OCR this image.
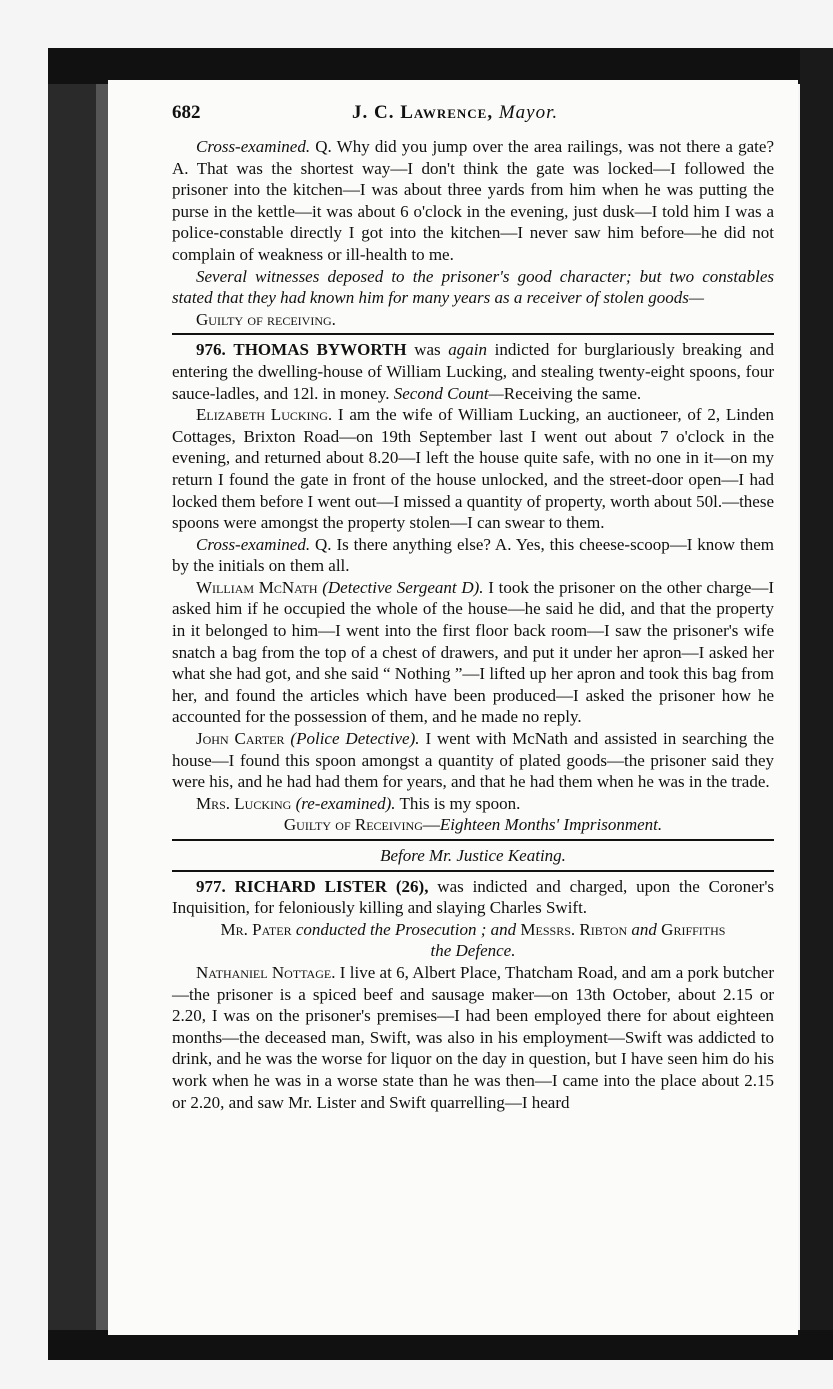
682	J. C. Lawrence, Mayor.

Cross-examined. Q. Why did you jump over the area railings, was not there a gate? A. That was the shortest way—I don't think the gate was locked—I followed the prisoner into the kitchen—I was about three yards from him when he was putting the purse in the kettle—it was about 6 o'clock in the evening, just dusk—I told him I was a police-constable directly I got into the kitchen—I never saw him before—he did not complain of weakness or ill-health to me.

Several witnesses deposed to the prisoner's good character; but two constables stated that they had known him for many years as a receiver of stolen goods—

Guilty of receiving.

976. THOMAS BYWORTH was again indicted for burglariously breaking and entering the dwelling-house of William Lucking, and stealing twenty-eight spoons, four sauce-ladles, and 12l. in money. Second Count—Receiving the same.

Elizabeth Lucking. I am the wife of William Lucking, an auctioneer, of 2, Linden Cottages, Brixton Road—on 19th September last I went out about 7 o'clock in the evening, and returned about 8.20—I left the house quite safe, with no one in it—on my return I found the gate in front of the house unlocked, and the street-door open—I had locked them before I went out—I missed a quantity of property, worth about 50l.—these spoons were amongst the property stolen—I can swear to them.

Cross-examined. Q. Is there anything else? A. Yes, this cheese-scoop—I know them by the initials on them all.

William McNath (Detective Sergeant D). I took the prisoner on the other charge—I asked him if he occupied the whole of the house—he said he did, and that the property in it belonged to him—I went into the first floor back room—I saw the prisoner's wife snatch a bag from the top of a chest of drawers, and put it under her apron—I asked her what she had got, and she said “ Nothing ”—I lifted up her apron and took this bag from her, and found the articles which have been produced—I asked the prisoner how he accounted for the possession of them, and he made no reply.

John Carter (Police Detective). I went with McNath and assisted in searching the house—I found this spoon amongst a quantity of plated goods—the prisoner said they were his, and he had had them for years, and that he had them when he was in the trade.

Mrs. Lucking (re-examined). This is my spoon.

Guilty of Receiving—Eighteen Months' Imprisonment.

Before Mr. Justice Keating.

977. RICHARD LISTER (26), was indicted and charged, upon the Coroner's Inquisition, for feloniously killing and slaying Charles Swift.

Mr. Pater conducted the Prosecution ; and Messrs. Ribton and Griffiths
the Defence.

Nathaniel Nottage. I live at 6, Albert Place, Thatcham Road, and am a pork butcher—the prisoner is a spiced beef and sausage maker—on 13th October, about 2.15 or 2.20, I was on the prisoner's premises—I had been employed there for about eighteen months—the deceased man, Swift, was also in his employment—Swift was addicted to drink, and he was the worse for liquor on the day in question, but I have seen him do his work when he was in a worse state than he was then—I came into the place about 2.15 or 2.20, and saw Mr. Lister and Swift quarrelling—I heard
